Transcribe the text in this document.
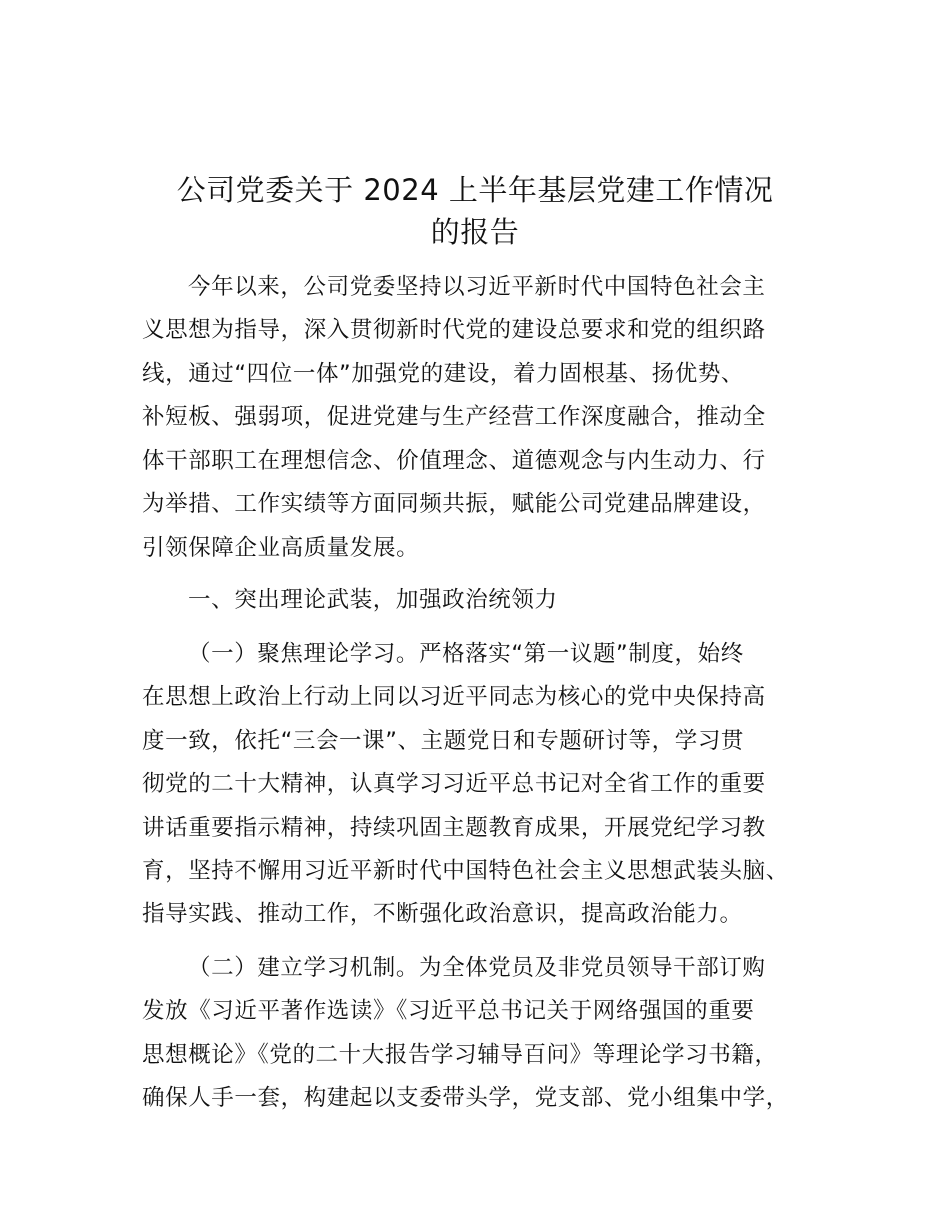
公司党委关于 2024 上半年基层党建工作情况
的报告

今年以来，公司党委坚持以习近平新时代中国特色社会主

义思想为指导，深入贯彻新时代党的建设总要求和党的组织路

线，通过“四位一体”加强党的建设，着力固根基、扬优势、

补短板、强弱项，促进党建与生产经营工作深度融合，推动全

体干部职工在理想信念、价值理念、道德观念与内生动力、行

为举措、工作实绩等方面同频共振，赋能公司党建品牌建设，

引领保障企业高质量发展。

一、突出理论武装，加强政治统领力

（一）聚焦理论学习。严格落实“第一议题”制度，始终

在思想上政治上行动上同以习近平同志为核心的党中央保持高

度一致，依托“三会一课”、主题党日和专题研讨等，学习贯

彻党的二十大精神，认真学习习近平总书记对全省工作的重要

讲话重要指示精神，持续巩固主题教育成果，开展党纪学习教

育，坚持不懈用习近平新时代中国特色社会主义思想武装头脑、

指导实践、推动工作，不断强化政治意识，提高政治能力。

（二）建立学习机制。为全体党员及非党员领导干部订购

发放《习近平著作选读》《习近平总书记关于网络强国的重要

思想概论》《党的二十大报告学习辅导百问》等理论学习书籍，

确保人手一套，构建起以支委带头学，党支部、党小组集中学，
